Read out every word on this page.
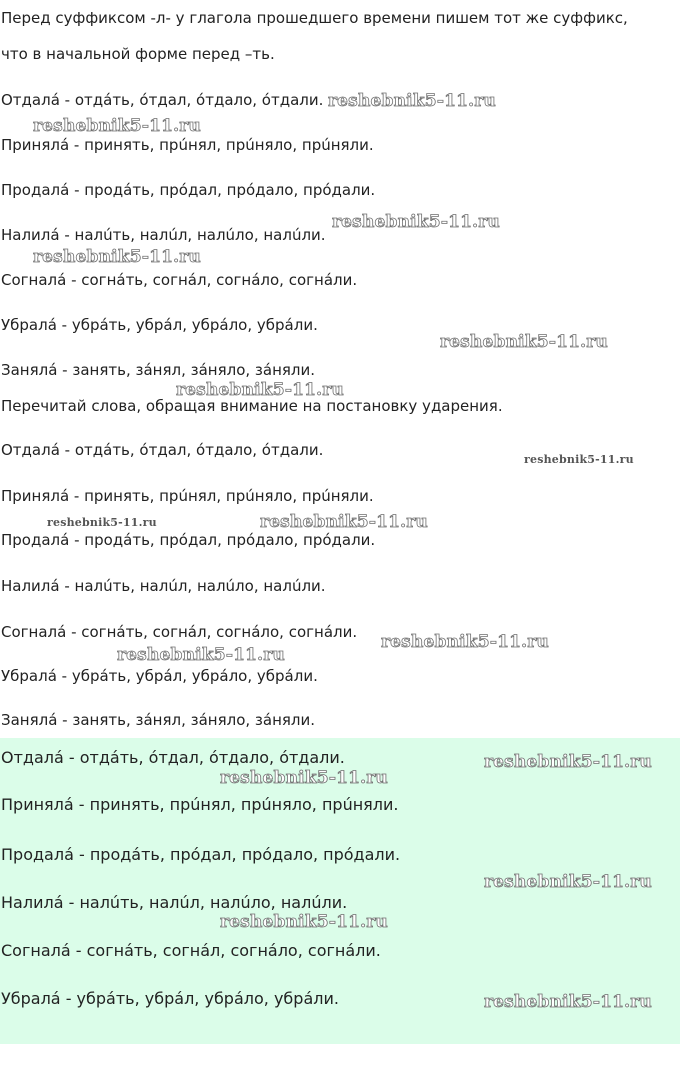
Перед суффиксом -л- у глагола прошедшего времени пишем тот же суффикс,

что в начальной форме перед –ть.

Отдалá - отдáть, óтдал, óтдало, óтдали.

Принялá - принять, прúнял, прúняло, прúняли.

Продалá - продáть, прóдал, прóдало, прóдали.

Налилá - налúть, налúл, налúло, налúли.

Согналá - согнáть, согнáл, согнáло, согнáли.

Убралá - убрáть, убрáл, убрáло, убрáли.

Занялá - занять, зáнял, зáняло, зáняли.

Перечитай слова, обращая внимание на постановку ударения.

Отдалá - отдáть, óтдал, óтдало, óтдали.

Принялá - принять, прúнял, прúняло, прúняли.

Продалá - продáть, прóдал, прóдало, прóдали.

Налилá - налúть, налúл, налúло, налúли.

Согналá - согнáть, согнáл, согнáло, согнáли.

Убралá - убрáть, убрáл, убрáло, убрáли.

Занялá - занять, зáнял, зáняло, зáняли.

Отдалá - отдáть, óтдал, óтдало, óтдали.

Принялá - принять, прúнял, прúняло, прúняли.

Продалá - продáть, прóдал, прóдало, прóдали.

Налилá - налúть, налúл, налúло, налúли.

Согналá - согнáть, согнáл, согнáло, согнáли.

Убралá - убрáть, убрáл, убрáло, убрáли.

reshebnik5-11.ru
reshebnik5-11.ru
reshebnik5-11.ru
reshebnik5-11.ru
reshebnik5-11.ru
reshebnik5-11.ru
reshebnik5-11.ru
reshebnik5-11.ru	reshebnik5-11.ru
reshebnik5-11.ru
reshebnik5-11.ru
reshebnik5-11.ru
reshebnik5-11.ru
reshebnik5-11.ru
reshebnik5-11.ru
reshebnik5-11.ru
